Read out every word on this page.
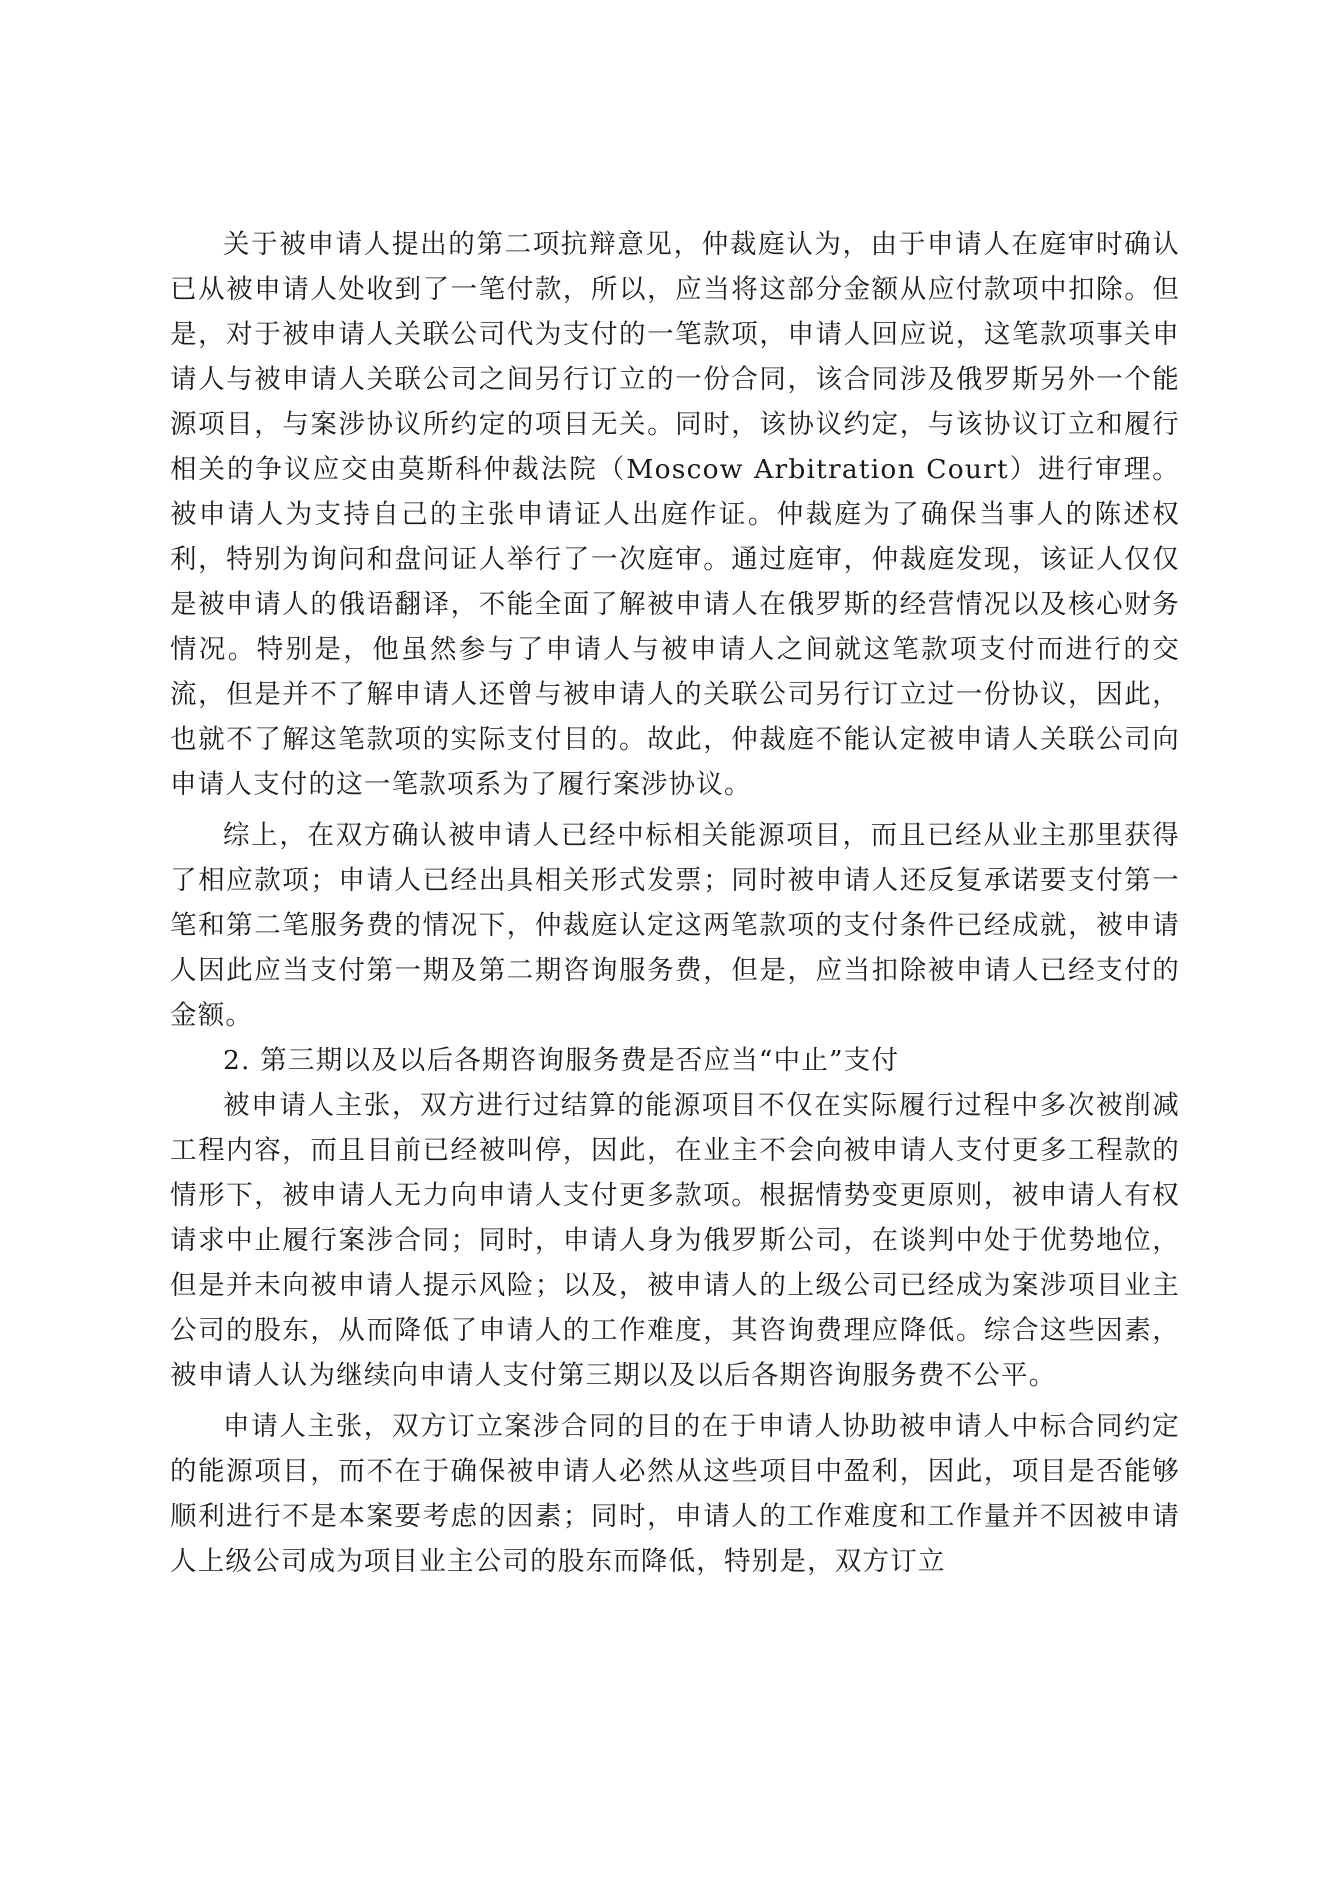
关于被申请人提出的第二项抗辩意见，仲裁庭认为，由于申请人在庭审时确认已从被申请人处收到了一笔付款，所以，应当将这部分金额从应付款项中扣除。但是，对于被申请人关联公司代为支付的一笔款项，申请人回应说，这笔款项事关申请人与被申请人关联公司之间另行订立的一份合同，该合同涉及俄罗斯另外一个能源项目，与案涉协议所约定的项目无关。同时，该协议约定，与该协议订立和履行相关的争议应交由莫斯科仲裁法院（Moscow Arbitration Court）进行审理。被申请人为支持自己的主张申请证人出庭作证。仲裁庭为了确保当事人的陈述权利，特别为询问和盘问证人举行了一次庭审。通过庭审，仲裁庭发现，该证人仅仅是被申请人的俄语翻译，不能全面了解被申请人在俄罗斯的经营情况以及核心财务情况。特别是，他虽然参与了申请人与被申请人之间就这笔款项支付而进行的交流，但是并不了解申请人还曾与被申请人的关联公司另行订立过一份协议，因此，也就不了解这笔款项的实际支付目的。故此，仲裁庭不能认定被申请人关联公司向申请人支付的这一笔款项系为了履行案涉协议。

综上，在双方确认被申请人已经中标相关能源项目，而且已经从业主那里获得了相应款项；申请人已经出具相关形式发票；同时被申请人还反复承诺要支付第一笔和第二笔服务费的情况下，仲裁庭认定这两笔款项的支付条件已经成就，被申请人因此应当支付第一期及第二期咨询服务费，但是，应当扣除被申请人已经支付的金额。

2. 第三期以及以后各期咨询服务费是否应当“中止”支付

被申请人主张，双方进行过结算的能源项目不仅在实际履行过程中多次被削减工程内容，而且目前已经被叫停，因此，在业主不会向被申请人支付更多工程款的情形下，被申请人无力向申请人支付更多款项。根据情势变更原则，被申请人有权请求中止履行案涉合同；同时，申请人身为俄罗斯公司，在谈判中处于优势地位，但是并未向被申请人提示风险；以及，被申请人的上级公司已经成为案涉项目业主公司的股东，从而降低了申请人的工作难度，其咨询费理应降低。综合这些因素，被申请人认为继续向申请人支付第三期以及以后各期咨询服务费不公平。

申请人主张，双方订立案涉合同的目的在于申请人协助被申请人中标合同约定的能源项目，而不在于确保被申请人必然从这些项目中盈利，因此，项目是否能够顺利进行不是本案要考虑的因素；同时，申请人的工作难度和工作量并不因被申请人上级公司成为项目业主公司的股东而降低，特别是，双方订立
